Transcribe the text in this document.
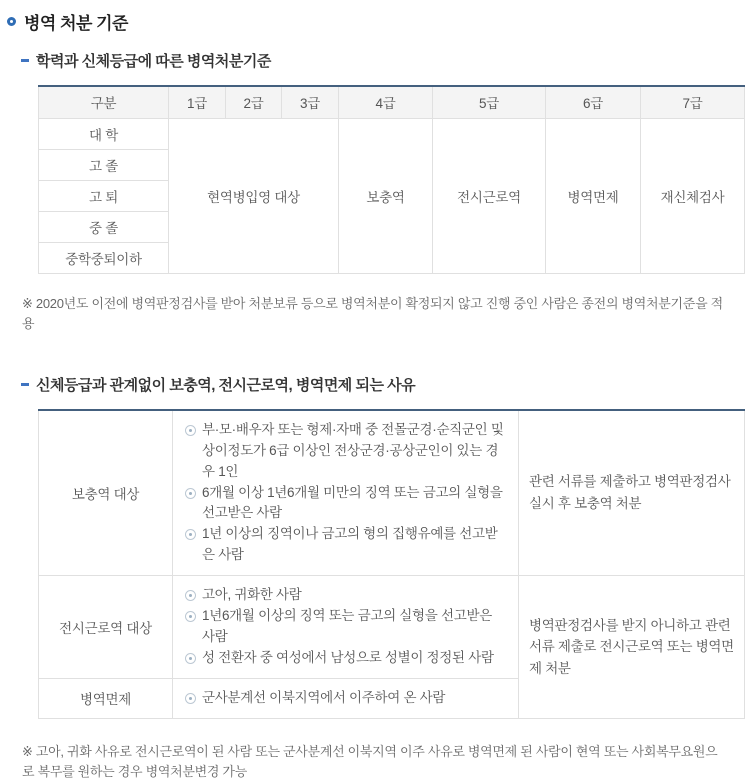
병역 처분 기준
학력과 신체등급에 따른 병역처분기준
구분	1급	2급	3급	4급	5급	6급	7급
대 학	현역병입영 대상			보충역	전시근로역	병역면제	재신체검사
고 졸							
고 퇴							
중 졸							
중학중퇴이하							

※ 2020년도 이전에 병역판정검사를 받아 처분보류 등으로 병역처분이 확정되지 않고 진행 중인 사람은 종전의 병역처분기준을 적용

신체등급과 관계없이 보충역, 전시근로역, 병역면제 되는 사유
보충역 대상	
부·모·배우자 또는 형제·자매 중 전몰군경·순직군인 및 상이정도가 6급 이상인 전상군경·공상군인이 있는 경우 1인
6개월 이상 1년6개월 미만의 징역 또는 금고의 실형을 선고받은 사람
1년 이상의 징역이나 금고의 형의 집행유예를 선고받은 사람
	관련 서류를 제출하고 병역판정검사 실시 후 보충역 처분
전시근로역 대상	
고아, 귀화한 사람
1년6개월 이상의 징역 또는 금고의 실형을 선고받은 사람
성 전환자 중 여성에서 남성으로 성별이 정정된 사람
	병역판정검사를 받지 아니하고 관련 서류 제출로 전시근로역 또는 병역면제 처분
병역면제	군사분계선 이북지역에서 이주하여 온 사람

※ 고아, 귀화 사유로 전시근로역이 된 사람 또는 군사분계선 이북지역 이주 사유로 병역면제 된 사람이 현역 또는 사회복무요원으로 복무를 원하는 경우 병역처분변경 가능
